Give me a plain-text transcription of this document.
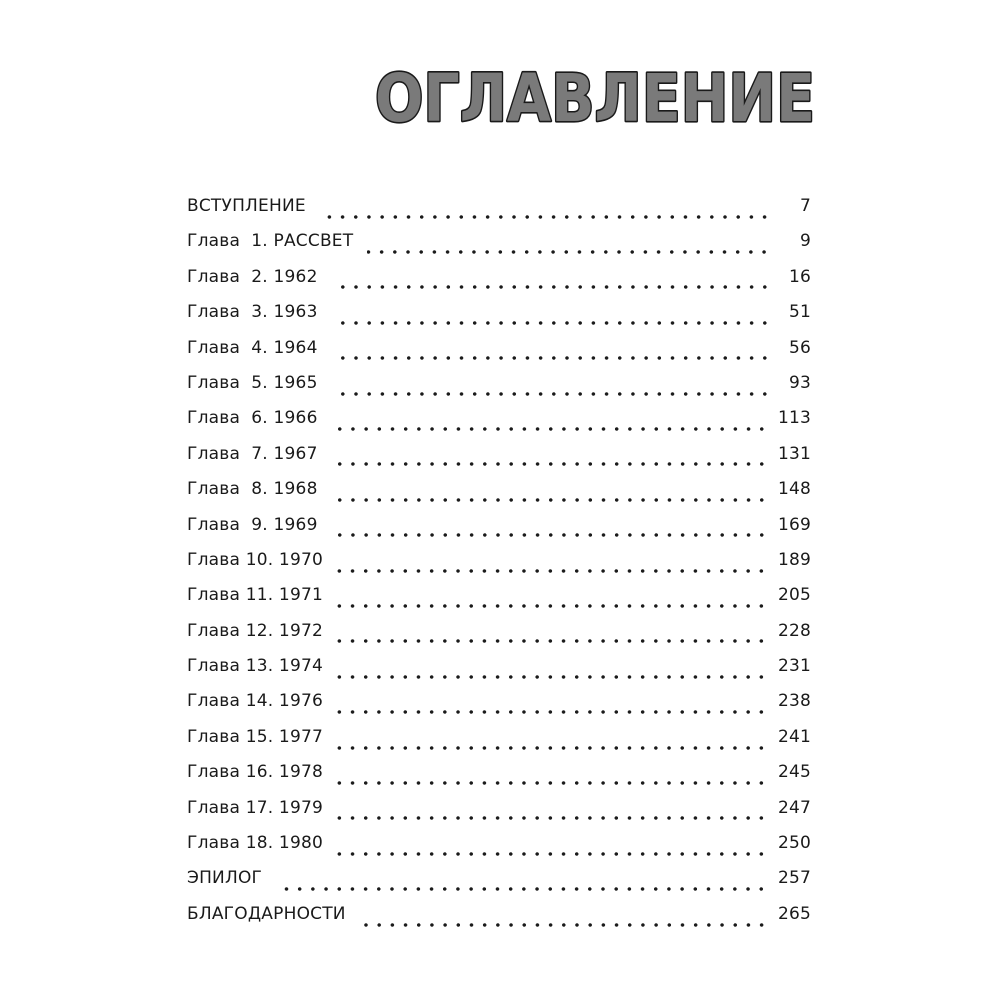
ОГЛАВЛЕНИЕ
ВСТУПЛЕНИЕ	7
Глава  1. РАССВЕТ	9
Глава  2. 1962	16
Глава  3. 1963	51
Глава  4. 1964	56
Глава  5. 1965	93
Глава  6. 1966	113
Глава  7. 1967	131
Глава  8. 1968	148
Глава  9. 1969	169
Глава 10. 1970	189
Глава 11. 1971	205
Глава 12. 1972	228
Глава 13. 1974	231
Глава 14. 1976	238
Глава 15. 1977	241
Глава 16. 1978	245
Глава 17. 1979	247
Глава 18. 1980	250
ЭПИЛОГ	257
БЛАГОДАРНОСТИ	265
